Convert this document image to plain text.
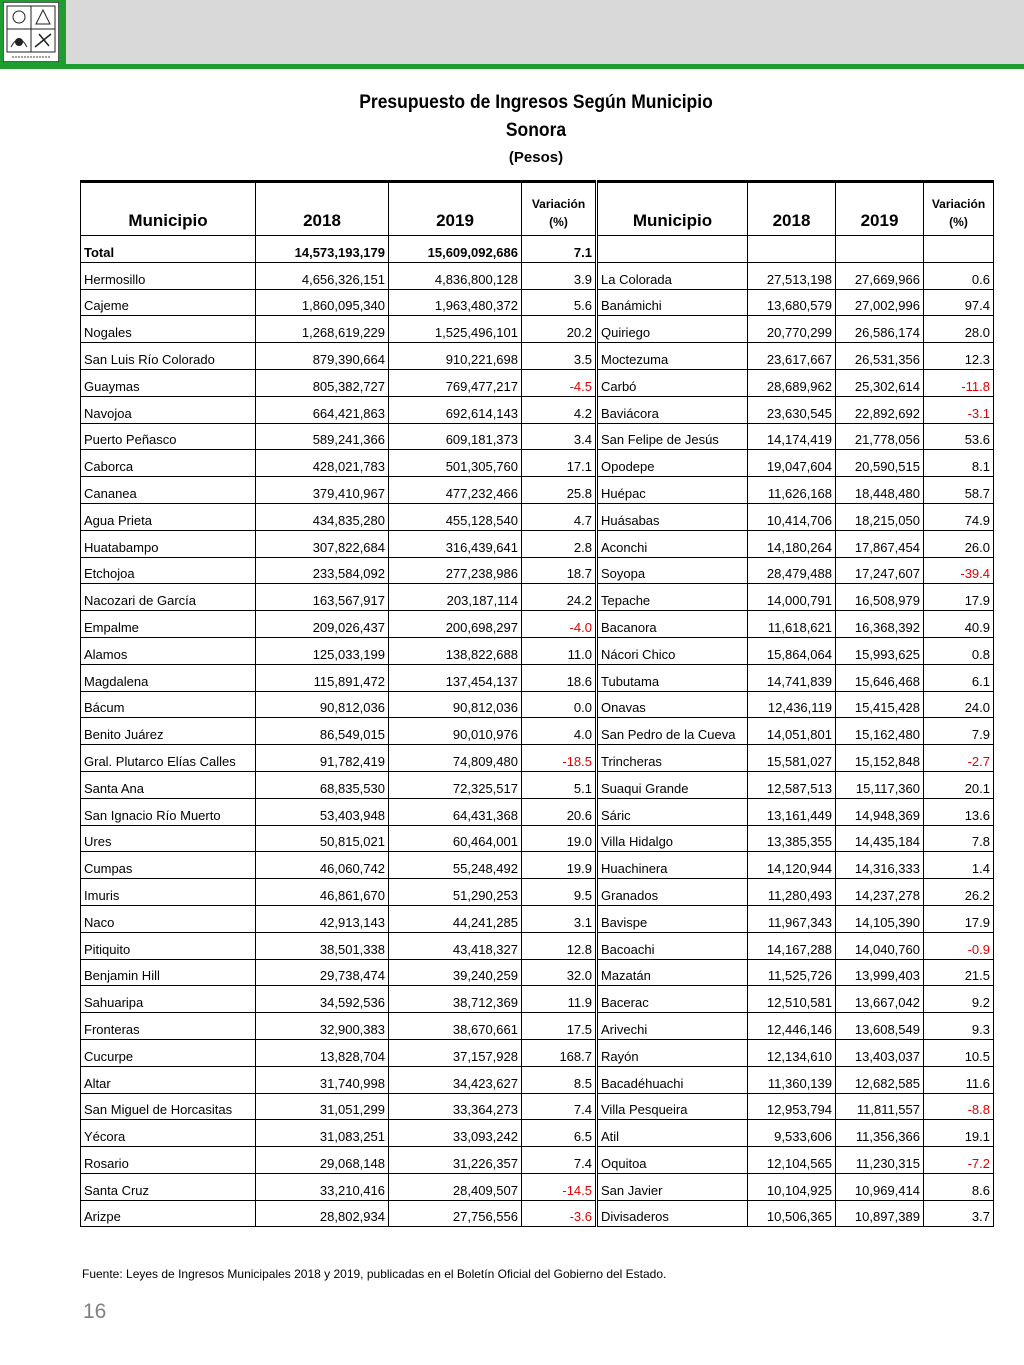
Presupuesto de Ingresos Según Municipio
Sonora
(Pesos)
Municipio	2018	2019	Variación
(%)

Total	14,573,193,179	15,609,092,686	7.1
Hermosillo	4,656,326,151	4,836,800,128	3.9
Cajeme	1,860,095,340	1,963,480,372	5.6
Nogales	1,268,619,229	1,525,496,101	20.2
San Luis Río Colorado	879,390,664	910,221,698	3.5
Guaymas	805,382,727	769,477,217	-4.5
Navojoa	664,421,863	692,614,143	4.2
Puerto Peñasco	589,241,366	609,181,373	3.4
Caborca	428,021,783	501,305,760	17.1
Cananea	379,410,967	477,232,466	25.8
Agua Prieta	434,835,280	455,128,540	4.7
Huatabampo	307,822,684	316,439,641	2.8
Etchojoa	233,584,092	277,238,986	18.7
Nacozari de García	163,567,917	203,187,114	24.2
Empalme	209,026,437	200,698,297	-4.0
Alamos	125,033,199	138,822,688	11.0
Magdalena	115,891,472	137,454,137	18.6
Bácum	90,812,036	90,812,036	0.0
Benito Juárez	86,549,015	90,010,976	4.0
Gral. Plutarco Elías Calles	91,782,419	74,809,480	-18.5
Santa Ana	68,835,530	72,325,517	5.1
San Ignacio Río Muerto	53,403,948	64,431,368	20.6
Ures	50,815,021	60,464,001	19.0
Cumpas	46,060,742	55,248,492	19.9
Imuris	46,861,670	51,290,253	9.5
Naco	42,913,143	44,241,285	3.1
Pitiquito	38,501,338	43,418,327	12.8
Benjamin Hill	29,738,474	39,240,259	32.0
Sahuaripa	34,592,536	38,712,369	11.9
Fronteras	32,900,383	38,670,661	17.5
Cucurpe	13,828,704	37,157,928	168.7
Altar	31,740,998	34,423,627	8.5
San Miguel de Horcasitas	31,051,299	33,364,273	7.4
Yécora	31,083,251	33,093,242	6.5
Rosario	29,068,148	31,226,357	7.4
Santa Cruz	33,210,416	28,409,507	-14.5
Arizpe	28,802,934	27,756,556	-3.6
Municipio	2018	2019	Variación
(%)

La Colorada	27,513,198	27,669,966	0.6
Banámichi	13,680,579	27,002,996	97.4
Quiriego	20,770,299	26,586,174	28.0
Moctezuma	23,617,667	26,531,356	12.3
Carbó	28,689,962	25,302,614	-11.8
Baviácora	23,630,545	22,892,692	-3.1
San Felipe de Jesús	14,174,419	21,778,056	53.6
Opodepe	19,047,604	20,590,515	8.1
Huépac	11,626,168	18,448,480	58.7
Huásabas	10,414,706	18,215,050	74.9
Aconchi	14,180,264	17,867,454	26.0
Soyopa	28,479,488	17,247,607	-39.4
Tepache	14,000,791	16,508,979	17.9
Bacanora	11,618,621	16,368,392	40.9
Nácori Chico	15,864,064	15,993,625	0.8
Tubutama	14,741,839	15,646,468	6.1
Onavas	12,436,119	15,415,428	24.0
San Pedro de la Cueva	14,051,801	15,162,480	7.9
Trincheras	15,581,027	15,152,848	-2.7
Suaqui Grande	12,587,513	15,117,360	20.1
Sáric	13,161,449	14,948,369	13.6
Villa Hidalgo	13,385,355	14,435,184	7.8
Huachinera	14,120,944	14,316,333	1.4
Granados	11,280,493	14,237,278	26.2
Bavispe	11,967,343	14,105,390	17.9
Bacoachi	14,167,288	14,040,760	-0.9
Mazatán	11,525,726	13,999,403	21.5
Bacerac	12,510,581	13,667,042	9.2
Arivechi	12,446,146	13,608,549	9.3
Rayón	12,134,610	13,403,037	10.5
Bacadéhuachi	11,360,139	12,682,585	11.6
Villa Pesqueira	12,953,794	11,811,557	-8.8
Atil	9,533,606	11,356,366	19.1
Oquitoa	12,104,565	11,230,315	-7.2
San Javier	10,104,925	10,969,414	8.6
Divisaderos	10,506,365	10,897,389	3.7
Fuente: Leyes de Ingresos Municipales 2018 y 2019, publicadas en el Boletín Oficial del Gobierno del Estado.
16
